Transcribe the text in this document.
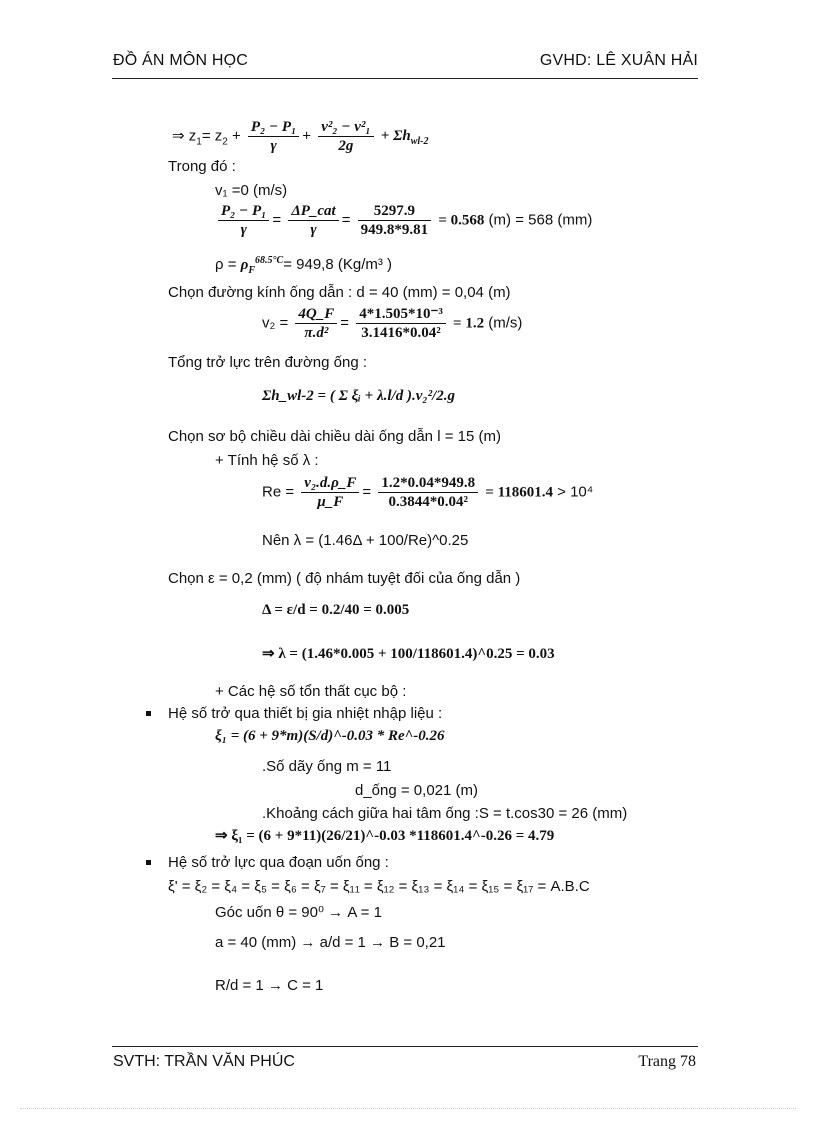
ĐỒ ÁN MÔN HỌC	GVHD: LÊ XUÂN HẢI
⇒ $z_1= z_2 + \frac{\text{P₂ − P₁}}{\gamma} + \frac{\text{v²₂ − v²₁}}{2g} + \Sigma h_{wl-2}$
Trong đó :
v₁ =0 (m/s)
$\frac{\text{P₂ − P₁}}{\gamma} = \frac{\text{ΔP\_cat}}{\gamma} = \frac{5297.9}{949.8*9.81} = 0.568$ (m) = 568 (mm)
$\rho = \rho_F^{68.5^\circ C}= 949,8$ (Kg/m³ )
Chọn đường kính ống dẫn : d = 40 (mm) = 0,04 (m)
$v_2 = \frac{4Q\_F}{\text{π.d²}} = \frac{\text{4*1.505*10⁻³}}{\text{3.1416*0.04²}} = 1.2$ (m/s)
Tổng trở lực trên đường ống :
Σh_wl-2 = ( Σ ξᵢ + λ.l/d ).v₂²/2.g
Chọn sơ bộ chiều dài chiều dài ống dẫn l = 15 (m)
+ Tính hệ số λ :
$Re = \frac{\text{v₂.d.ρ\_F}}{\mu\_F} = \frac{1.2*0.04*949.8}{\text{0.3844*0.04²}} = 118601.4 > 10^4$
Nên λ = (1.46Δ + 100/Re)^0.25
Chọn ε = 0,2 (mm) ( độ nhám tuyệt đối của ống dẫn )
Δ = ε/d = 0.2/40 = 0.005
⇒ λ = (1.46*0.005 + 100/118601.4)^0.25 = 0.03
+ Các hệ số tổn thất cục bộ :
Hệ số trở qua thiết bị gia nhiệt nhập liệu :
ξ₁ = (6 + 9*m)(S/d)^-0.03 * Re^-0.26
.Số dãy ống m = 11
d_ống = 0,021 (m)
.Khoảng cách giữa hai tâm ống :S = t.cos30 = 26 (mm)
⇒ ξ₁ = (6 + 9*11)(26/21)^-0.03 *118601.4^-0.26 = 4.79
Hệ số trở lực qua đoạn uốn ống :
ξ' = ξ₂ = ξ₄ = ξ₅ = ξ₆ = ξ₇ = ξ₁₁ = ξ₁₂ = ξ₁₃ = ξ₁₄ = ξ₁₅ = ξ₁₇ = A.B.C
Góc uốn θ = 90⁰ → A = 1
a = 40 (mm) → a/d = 1 → B = 0,21
R/d = 1 → C = 1
SVTH: TRẦN VĂN PHÚC	Trang 78
